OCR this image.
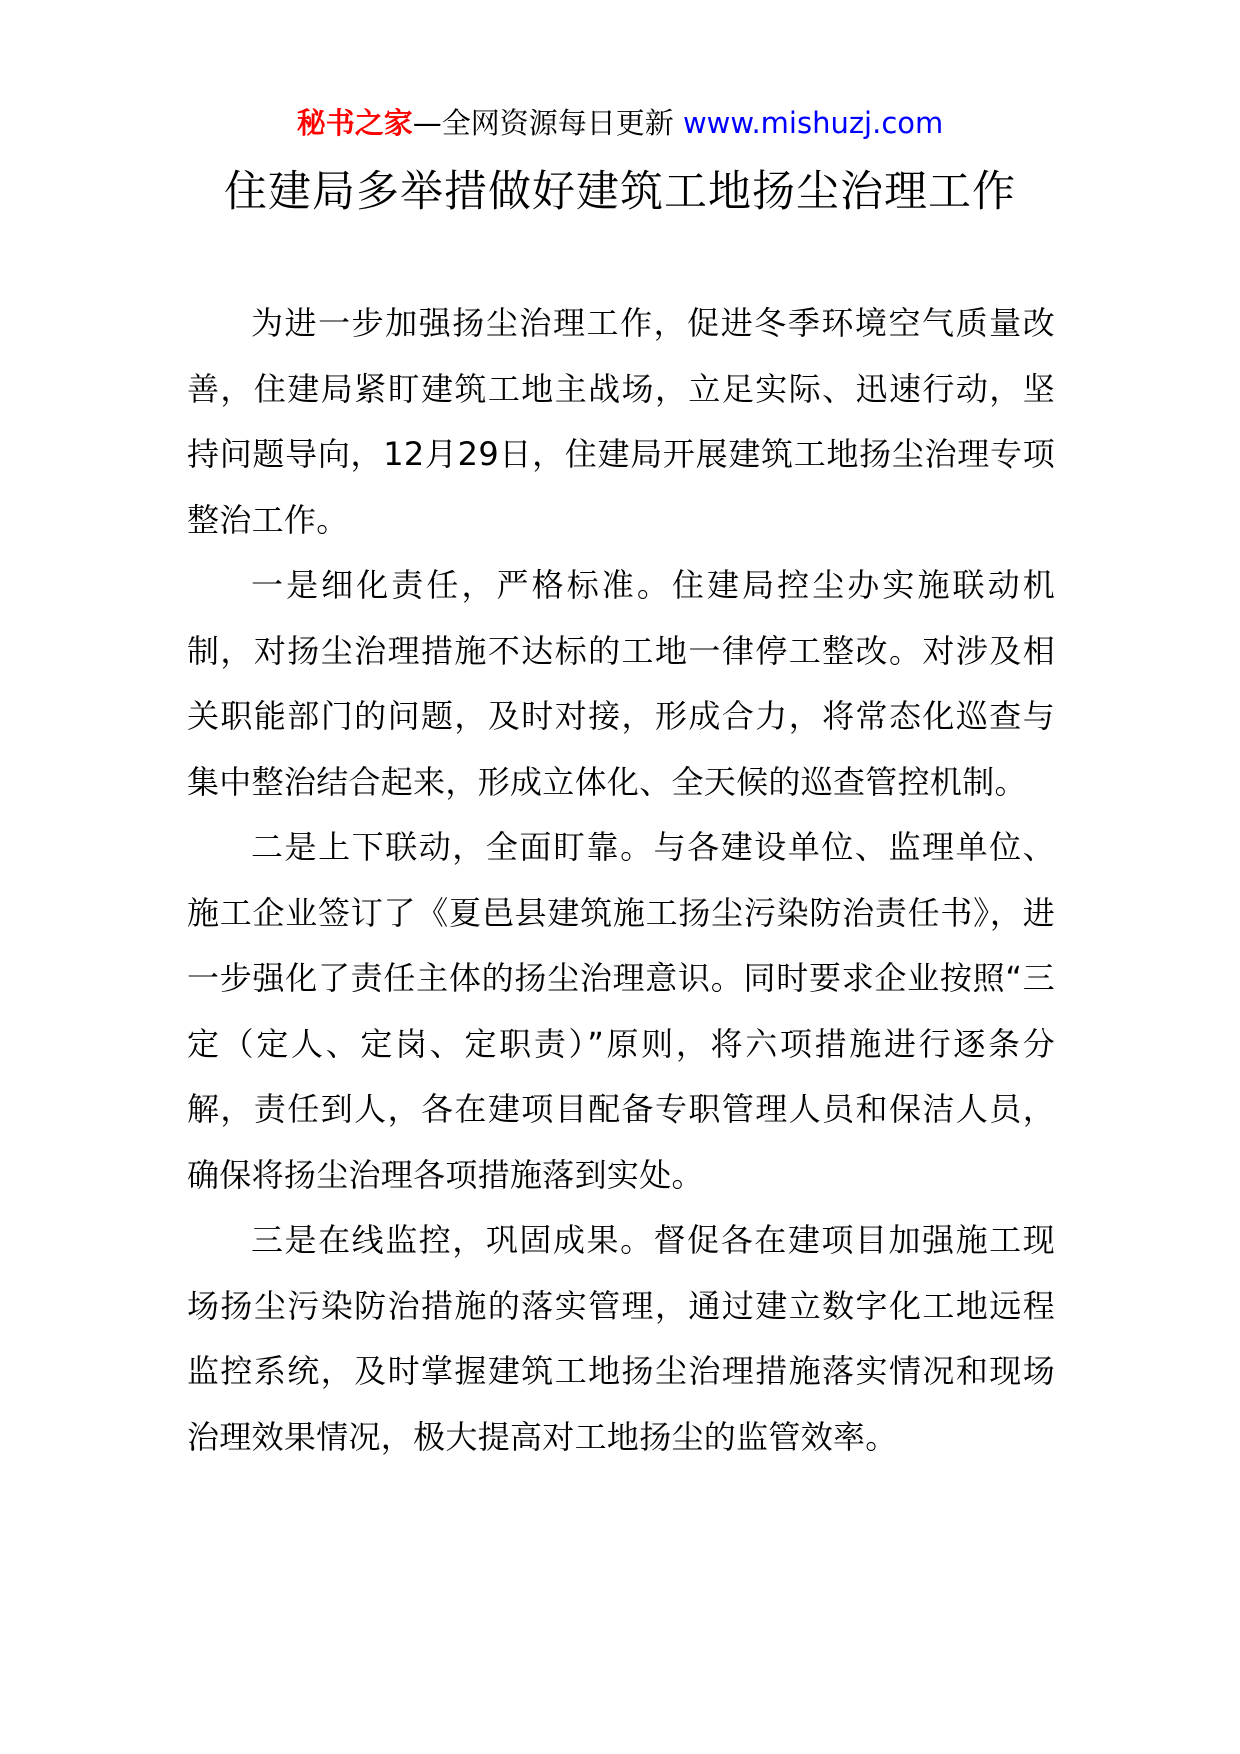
秘书之家—全网资源每日更新 www.mishuzj.com
住建局多举措做好建筑工地扬尘治理工作

为进一步加强扬尘治理工作，促进冬季环境空气质量改善，住建局紧盯建筑工地主战场，立足实际、迅速行动，坚持问题导向，12月29日，住建局开展建筑工地扬尘治理专项整治工作。

一是细化责任，严格标准。住建局控尘办实施联动机制，对扬尘治理措施不达标的工地一律停工整改。对涉及相关职能部门的问题，及时对接，形成合力，将常态化巡查与集中整治结合起来，形成立体化、全天候的巡查管控机制。

二是上下联动，全面盯靠。与各建设单位、监理单位、施工企业签订了《夏邑县建筑施工扬尘污染防治责任书》，进一步强化了责任主体的扬尘治理意识。同时要求企业按照“三定（定人、定岗、定职责）”原则，将六项措施进行逐条分解，责任到人，各在建项目配备专职管理人员和保洁人员，确保将扬尘治理各项措施落到实处。

三是在线监控，巩固成果。督促各在建项目加强施工现场扬尘污染防治措施的落实管理，通过建立数字化工地远程监控系统，及时掌握建筑工地扬尘治理措施落实情况和现场治理效果情况，极大提高对工地扬尘的监管效率。
